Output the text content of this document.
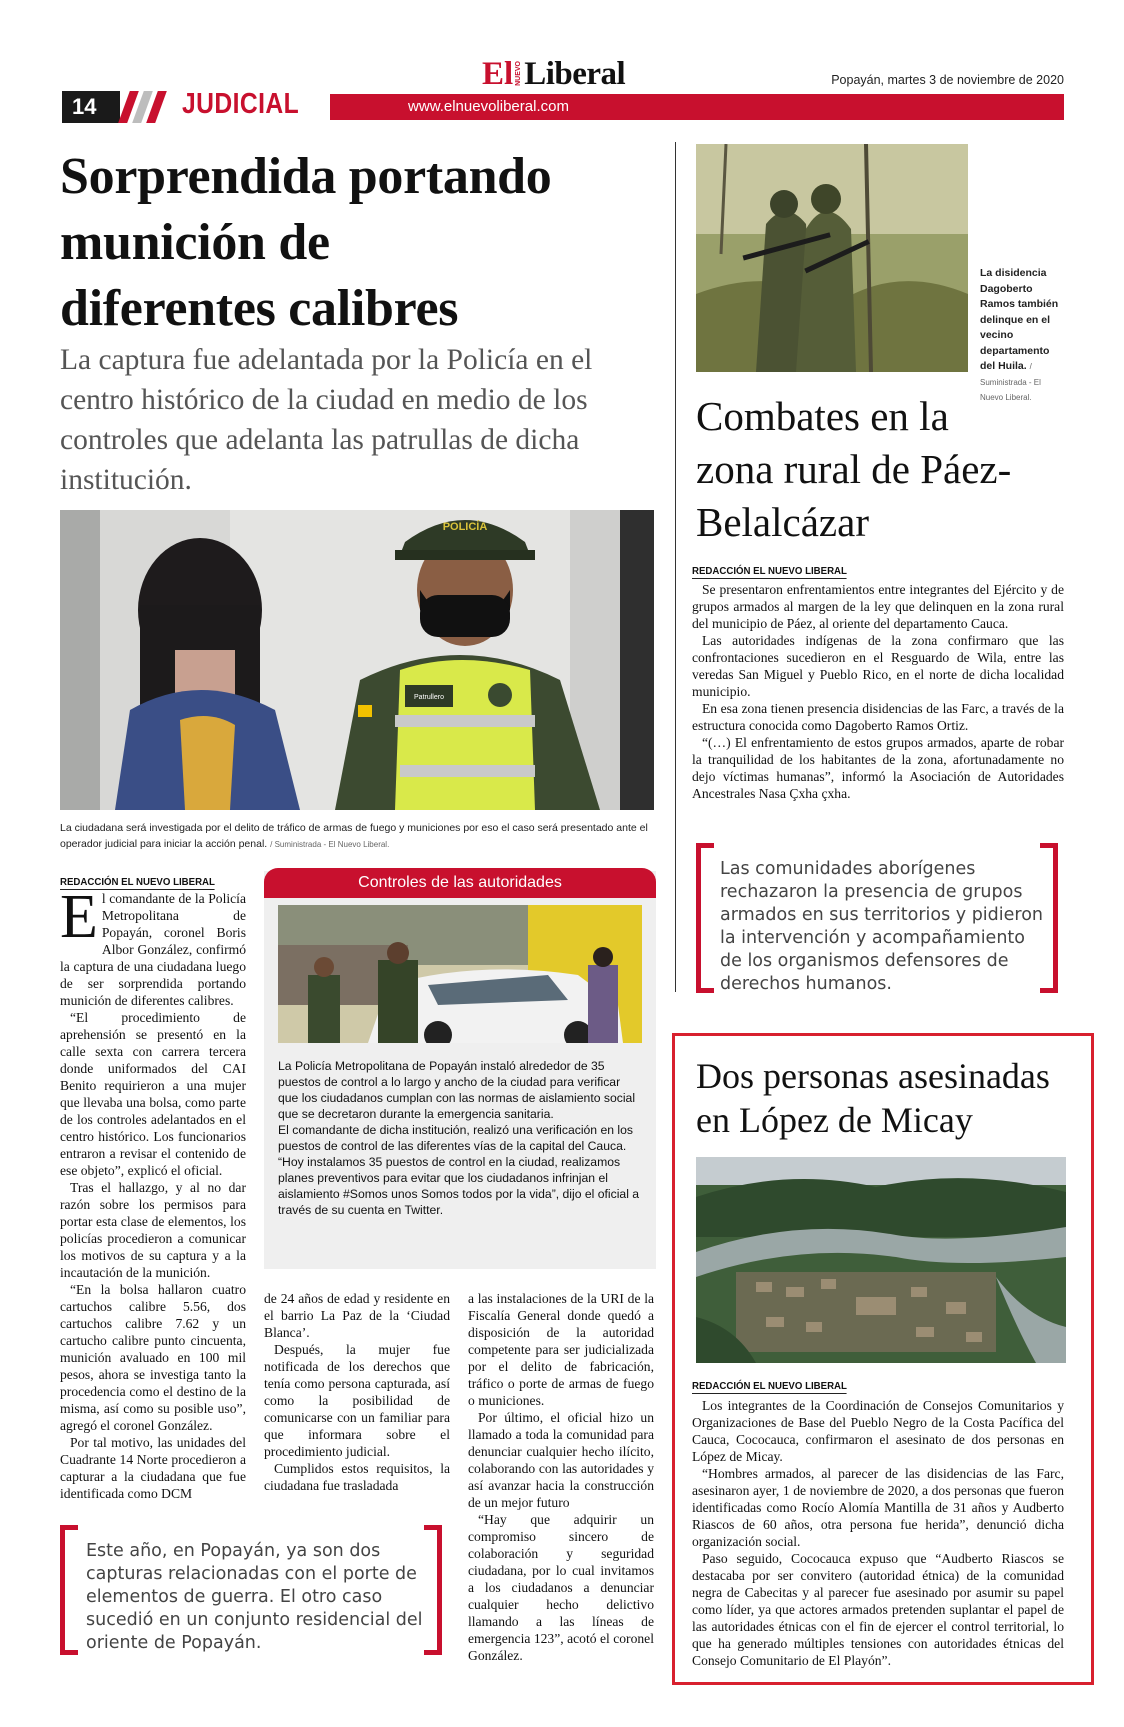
14	JUDICIAL	www.elnuevoliberal.com
El NUEVO Liberal	Popayán, martes 3 de noviembre de 2020
Sorprendida portando
munición de
diferentes calibres
La captura fue adelantada por la Policía en el centro histórico de la ciudad en medio de los controles que adelanta las patrullas de dicha institución.
POLICÍA
Patrullero
La ciudadana será investigada por el delito de tráfico de armas de fuego y municiones por eso el caso será presentado ante el operador judicial para iniciar la acción penal. / Suministrada - El Nuevo Liberal.
REDACCIÓN EL NUEVO LIBERAL

El comandante de la Policía Metropolitana de Popayán, coronel Boris Albor González, confirmó la captura de una ciudadana luego de ser sorprendida portando munición de diferentes calibres.

“El procedimiento de aprehensión se presentó en la calle sexta con carrera tercera donde uniformados del CAI Benito requirieron a una mujer que llevaba una bolsa, como parte de los controles adelantados en el centro histórico. Los funcionarios entraron a revisar el contenido de ese objeto”, explicó el oficial.

Tras el hallazgo, y al no dar razón sobre los permisos para portar esta clase de elementos, los policías procedieron a comunicar los motivos de su captura y a la incautación de la munición.

“En la bolsa hallaron cuatro cartuchos calibre 5.56, dos cartuchos calibre 7.62 y un cartucho calibre punto cincuenta, munición avaluado en 100 mil pesos, ahora se investiga tanto la procedencia como el destino de la misma, así como su posible uso”, agregó el coronel González.

Por tal motivo, las unidades del Cuadrante 14 Norte procedieron a capturar a la ciudadana que fue identificada como DCM

Controles de las autoridades

La Policía Metropolitana de Popayán instaló alrededor de 35 puestos de control a lo largo y ancho de la ciudad para verificar que los ciudadanos cumplan con las normas de aislamiento social que se decretaron durante la emergencia sanitaria.

El comandante de dicha institución, realizó una verificación en los puestos de control de las diferentes vías de la capital del Cauca.

“Hoy instalamos 35 puestos de control en la ciudad, realizamos planes preventivos para evitar que los ciudadanos infrinjan el aislamiento #Somos unos Somos todos por la vida”, dijo el oficial a través de su cuenta en Twitter.

de 24 años de edad y residente en el barrio La Paz de la ‘Ciudad Blanca’.

Después, la mujer fue notificada de los derechos que tenía como persona capturada, así como la posibilidad de comunicarse con un familiar para que informara sobre el procedimiento judicial.

Cumplidos estos requisitos, la ciudadana fue trasladada

a las instalaciones de la URI de la Fiscalía General donde quedó a disposición de la autoridad competente para ser judicializada por el delito de fabricación, tráfico o porte de armas de fuego o municiones.

Por último, el oficial hizo un llamado a toda la comunidad para denunciar cualquier hecho ilícito, colaborando con las autoridades y así avanzar hacia la construcción de un mejor futuro

“Hay que adquirir un compromiso sincero de colaboración y seguridad ciudadana, por lo cual invitamos a los ciudadanos a denunciar cualquier hecho delictivo llamando a las líneas de emergencia 123”, acotó el coronel González.

Este año, en Popayán, ya son dos capturas relacionadas con el porte de elementos de guerra. El otro caso sucedió en un conjunto residencial del oriente de Popayán.
La disidencia Dagoberto Ramos también delinque en el vecino departamento del Huila. / Suministrada - El Nuevo Liberal.
Combates en la
zona rural de Páez-
Belalcázar
REDACCIÓN EL NUEVO LIBERAL

Se presentaron enfrentamientos entre integrantes del Ejército y de grupos armados al margen de la ley que delinquen en la zona rural del municipio de Páez, al oriente del departamento Cauca.

Las autoridades indígenas de la zona confirmaro que las confrontaciones sucedieron en el Resguardo de Wila, entre las veredas San Miguel y Pueblo Rico, en el norte de dicha localidad municipio.

En esa zona tienen presencia disidencias de las Farc, a través de la estructura conocida como Dagoberto Ramos Ortiz.

“(…) El enfrentamiento de estos grupos armados, aparte de robar la tranquilidad de los habitantes de la zona, afortunadamente no dejo víctimas humanas”, informó la Asociación de Autoridades Ancestrales Nasa Çxha çxha.

Las comunidades aborígenes rechazaron la presencia de grupos armados en sus territorios y pidieron la intervención y acompañamiento de los organismos defensores de derechos humanos.
Dos personas asesinadas
en López de Micay
REDACCIÓN EL NUEVO LIBERAL

Los integrantes de la Coordinación de Consejos Comunitarios y Organizaciones de Base del Pueblo Negro de la Costa Pacífica del Cauca, Cococauca, confirmaron el asesinato de dos personas en López de Micay.

“Hombres armados, al parecer de las disidencias de las Farc, asesinaron ayer, 1 de noviembre de 2020, a dos personas que fueron identificadas como Rocío Alomía Mantilla de 31 años y Audberto Riascos de 60 años, otra persona fue herida”, denunció dicha organización social.

Paso seguido, Cococauca expuso que “Audberto Riascos se destacaba por ser convitero (autoridad étnica) de la comunidad negra de Cabecitas y al parecer fue asesinado por asumir su papel como líder, ya que actores armados pretenden suplantar el papel de las autoridades étnicas con el fin de ejercer el control territorial, lo que ha generado múltiples tensiones con autoridades étnicas del Consejo Comunitario de El Playón”.
